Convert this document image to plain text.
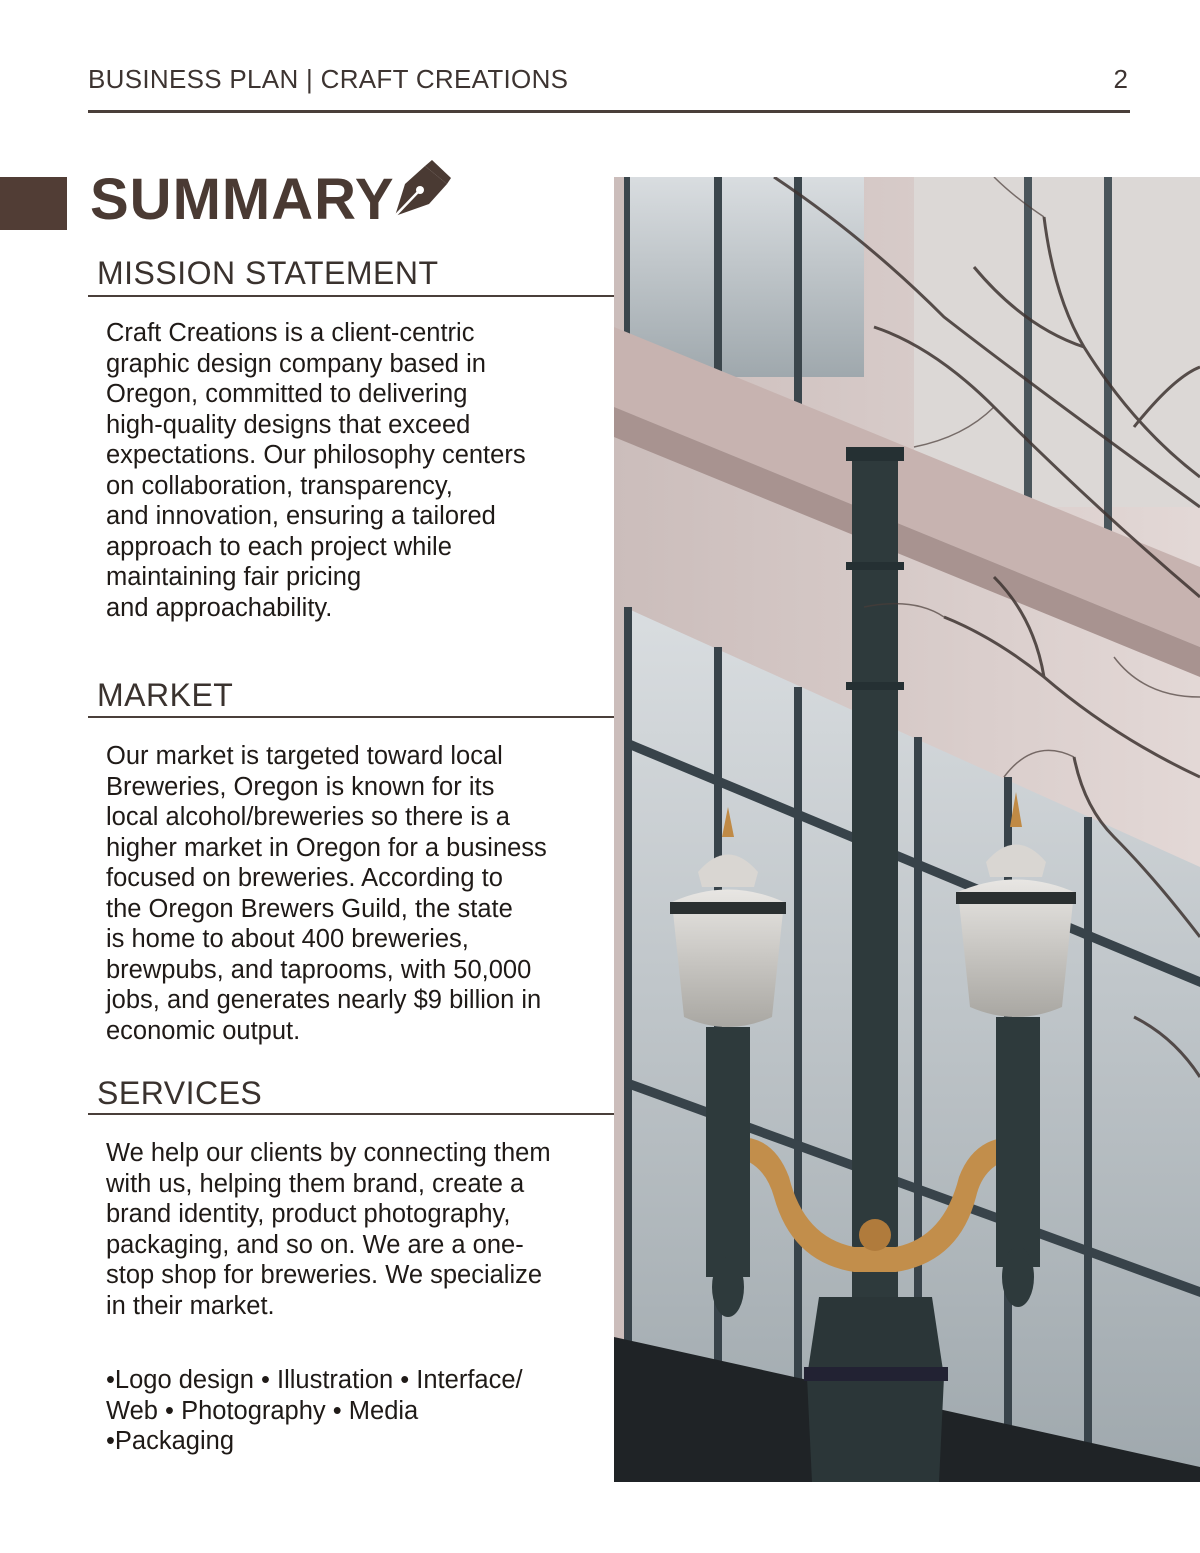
BUSINESS PLAN | CRAFT CREATIONS	2
SUMMARY
MISSION STATEMENT
Craft Creations is a client-centric
graphic design company based in
Oregon, committed to delivering
high-quality designs that exceed
expectations. Our philosophy centers
on collaboration, transparency,
and innovation, ensuring a tailored
approach to each project while
maintaining fair pricing
and approachability.
MARKET
Our market is targeted toward local
Breweries, Oregon is known for its
local alcohol/breweries so there is a
higher market in Oregon for a business
focused on breweries. According to
the Oregon Brewers Guild, the state
is home to about 400 breweries,
brewpubs, and taprooms, with 50,000
jobs, and generates nearly $9 billion in
economic output.
SERVICES
We help our clients by connecting them
with us, helping them brand, create a
brand identity, product photography,
packaging, and so on. We are a one-
stop shop for breweries. We specialize
in their market.
•Logo design • Illustration • Interface/
Web • Photography • Media
•Packaging
